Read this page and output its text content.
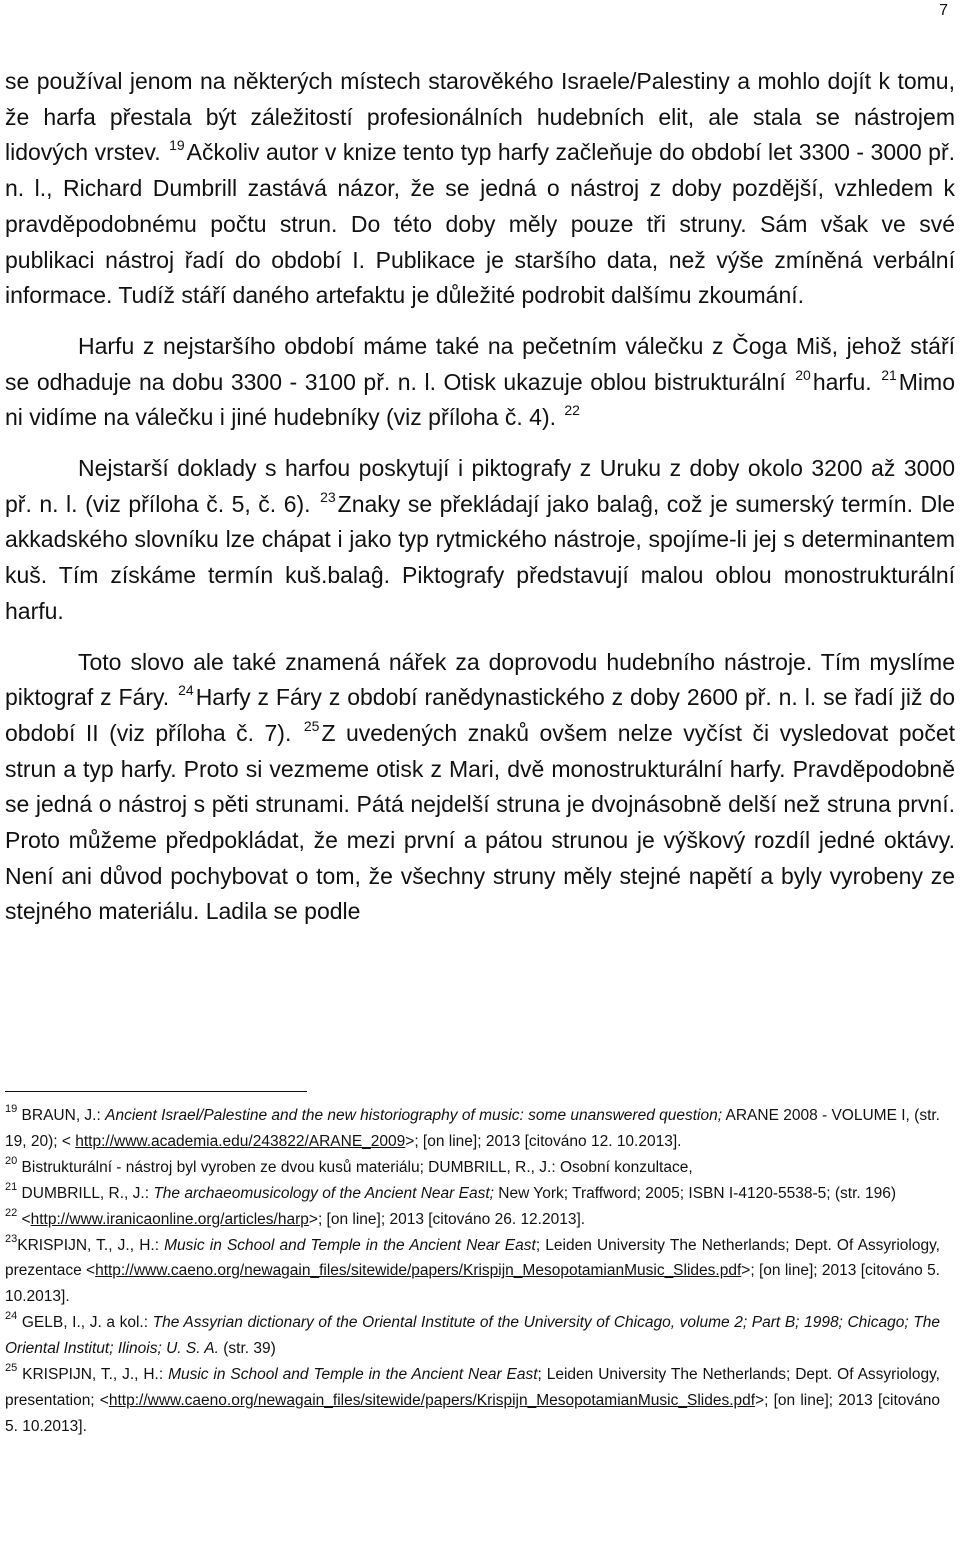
7

se používal jenom na některých místech starověkého Israele/Palestiny a mohlo dojít k tomu, že harfa přestala být záležitostí profesionálních hudebních elit, ale stala se nástrojem lidových vrstev. $^{19}$Ačkoliv autor v knize tento typ harfy začleňuje do období let 3300 - 3000 př. n. l., Richard Dumbrill zastává názor, že se jedná o nástroj z doby pozdější, vzhledem k pravděpodobnému počtu strun. Do této doby měly pouze tři struny. Sám však ve své publikaci nástroj řadí do období I. Publikace je staršího data, než výše zmíněná verbální informace. Tudíž stáří daného artefaktu je důležité podrobit dalšímu zkoumání.

Harfu z nejstaršího období máme také na pečetním válečku z Čoga Miš, jehož stáří se odhaduje na dobu 3300 - 3100 př. n. l. Otisk ukazuje oblou bistrukturální $^{20}$harfu. $^{21}$Mimo ni vidíme na válečku i jiné hudebníky (viz příloha č. 4). $^{22}$

Nejstarší doklady s harfou poskytují i piktografy z Uruku z doby okolo 3200 až 3000 př. n. l. (viz příloha č. 5, č. 6). $^{23}$Znaky se překládají jako balaĝ, což je sumerský termín. Dle akkadského slovníku lze chápat i jako typ rytmického nástroje, spojíme-li jej s determinantem kuš. Tím získáme termín kuš.balaĝ. Piktografy představují malou oblou monostrukturální harfu.

Toto slovo ale také znamená nářek za doprovodu hudebního nástroje. Tím myslíme piktograf z Fáry. $^{24}$Harfy z Fáry z období ranědynastického z doby 2600 př. n. l. se řadí již do období II (viz příloha č. 7). $^{25}$Z uvedených znaků ovšem nelze vyčíst či vysledovat počet strun a typ harfy. Proto si vezmeme otisk z Mari, dvě monostrukturální harfy. Pravděpodobně se jedná o nástroj s pěti strunami. Pátá nejdelší struna je dvojnásobně delší než struna první. Proto můžeme předpokládat, že mezi první a pátou strunou je výškový rozdíl jedné oktávy. Není ani důvod pochybovat o tom, že všechny struny měly stejné napětí a byly vyrobeny ze stejného materiálu. Ladila se podle

$^{19}$ BRAUN, J.: Ancient Israel/Palestine and the new historiography of music: some unanswered question; ARANE 2008 - VOLUME I, (str. 19, 20); < http://www.academia.edu/243822/ARANE_2009>; [on line]; 2013 [citováno 12. 10.2013].

$^{20}$ Bistrukturální - nástroj byl vyroben ze dvou kusů materiálu; DUMBRILL, R., J.: Osobní konzultace,

$^{21}$ DUMBRILL, R., J.: The archaeomusicology of the Ancient Near East; New York; Traffword; 2005; ISBN I-4120-5538-5; (str. 196)

$^{22}$ <http://www.iranicaonline.org/articles/harp>; [on line]; 2013 [citováno 26. 12.2013].

$^{23}$KRISPIJN, T., J., H.: Music in School and Temple in the Ancient Near East; Leiden University The Netherlands; Dept. Of Assyriology, prezentace <http://www.caeno.org/newagain_files/sitewide/papers/Krispijn_MesopotamianMusic_Slides.pdf>; [on line]; 2013 [citováno 5. 10.2013].

$^{24}$ GELB, I., J. a kol.: The Assyrian dictionary of the Oriental Institute of the University of Chicago, volume 2; Part B; 1998; Chicago; The Oriental Institut; Ilinois; U. S. A. (str. 39)

$^{25}$ KRISPIJN, T., J., H.: Music in School and Temple in the Ancient Near East; Leiden University The Netherlands; Dept. Of Assyriology, presentation; <http://www.caeno.org/newagain_files/sitewide/papers/Krispijn_MesopotamianMusic_Slides.pdf>; [on line]; 2013 [citováno 5. 10.2013].
